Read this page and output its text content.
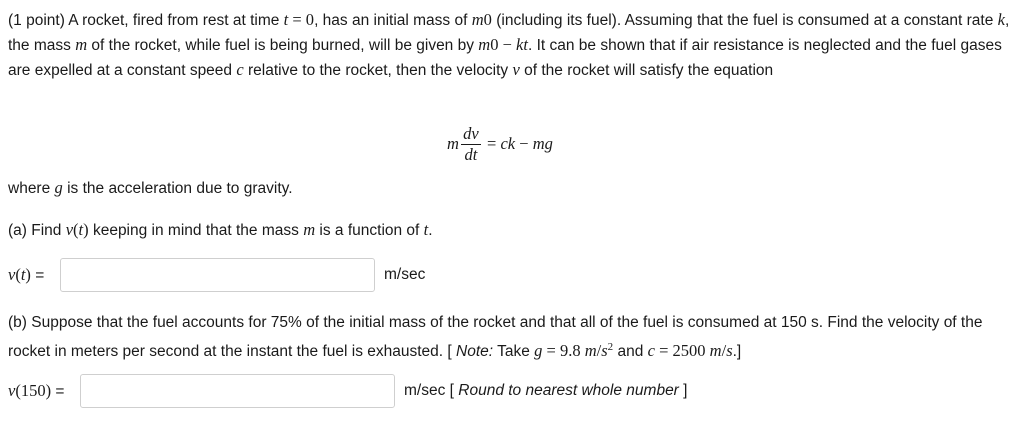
(1 point) A rocket, fired from rest at time t = 0, has an initial mass of m0 (including its fuel). Assuming that the fuel is consumed at a constant rate k, the mass m of the rocket, while fuel is being burned, will be given by m0 − kt. It can be shown that if air resistance is neglected and the fuel gases are expelled at a constant speed c relative to the rocket, then the velocity v of the rocket will satisfy the equation

m $\frac{dv}{dt}$ = ck − mg

where g is the acceleration due to gravity.

(a) Find v(t) keeping in mind that the mass m is a function of t.

v(t) =	m/sec

(b) Suppose that the fuel accounts for 75% of the initial mass of the rocket and that all of the fuel is consumed at 150 s. Find the velocity of the rocket in meters per second at the instant the fuel is exhausted. [ Note: Take g = 9.8 $m/s^2$ and c = 2500 m/s.]

v(150) =	m/sec [ Round to nearest whole number ]
